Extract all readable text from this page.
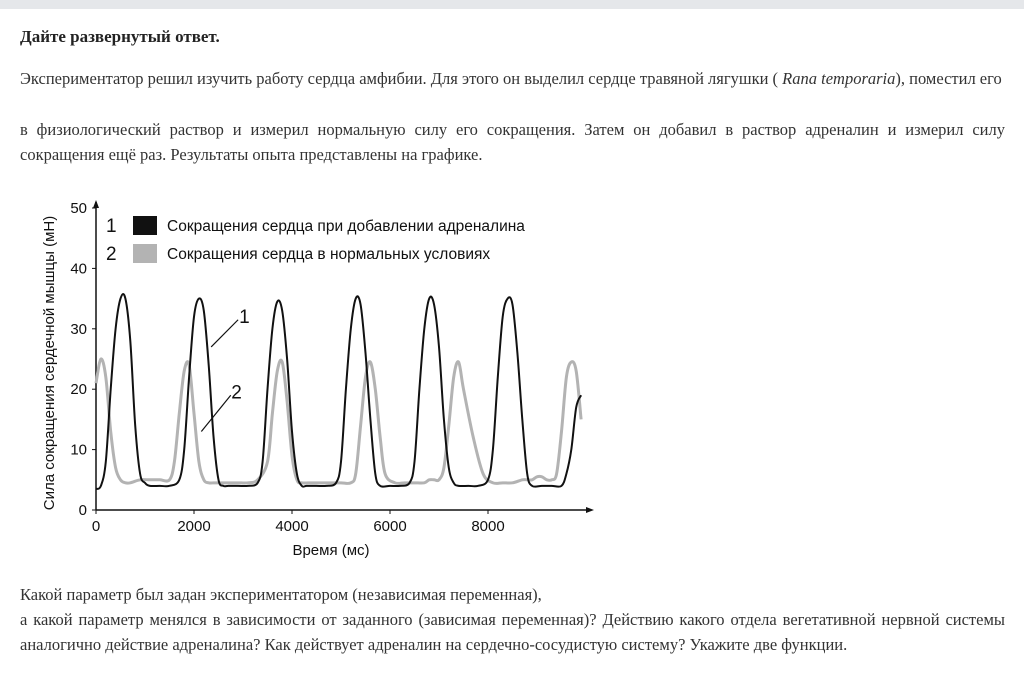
Дайте развернутый ответ.
Экспериментатор решил изучить работу сердца амфибии. Для этого он выделил сердце травяной лягушки ( Rana temporaria), поместил его
в физиологический раствор и измерил нормальную силу его сокращения. Затем он добавил в раствор адреналин и измерил силу сокращения ещё раз. Результаты опыта представлены на графике.
0
10
20
30
40
50
0	2000	4000	6000	8000
Время (мс)
Сила сокращения сердечной мышцы (мН)	1	Сокращения сердца при добавлении адреналина
2	Сокращения сердца в нормальных условиях
1
2
Какой параметр был задан экспериментатором (независимая переменная),
а какой параметр менялся в зависимости от заданного (зависимая переменная)? Действию какого отдела вегетативной нервной системы аналогично действие адреналина? Как действует адреналин на сердечно-сосудистую систему? Укажите две функции.
